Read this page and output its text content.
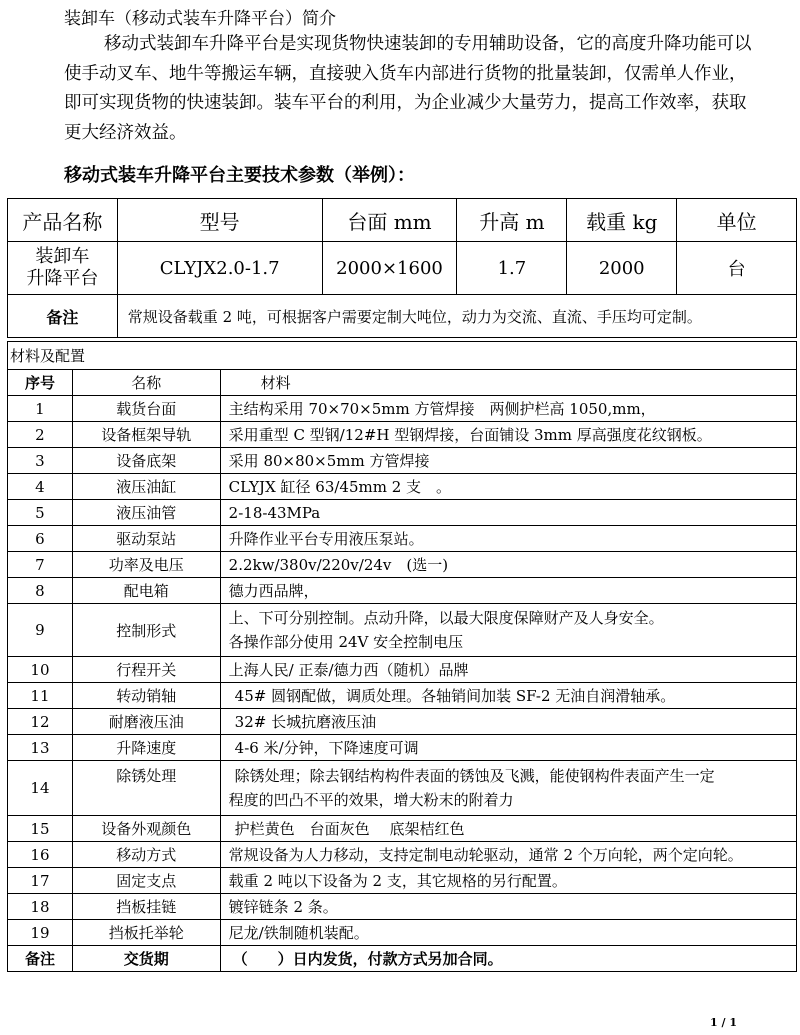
装卸车（移动式装车升降平台）简介
移动式装卸车升降平台是实现货物快速装卸的专用辅助设备，它的高度升降功能可以使手动叉车、地牛等搬运车辆，直接驶入货车内部进行货物的批量装卸，仅需单人作业，即可实现货物的快速装卸。装车平台的利用，为企业减少大量劳力，提高工作效率，获取更大经济效益。
移动式装车升降平台主要技术参数（举例）：
产品名称	型号	台面 mm	升高 m	载重 kg	单位

装卸车
升降平台	CLYJX2.0-1.7	2000×1600	1.7	2000	台
备注	常规设备载重 2 吨，可根据客户需要定制大吨位，动力为交流、直流、手压均可定制。				
材料及配置		
序号	名称	材料
1	载货台面	主结构采用 70×70×5mm 方管焊接　两侧护栏高 1050,mm，
2	设备框架导轨	采用重型 C 型钢/12#H 型钢焊接，台面铺设 3mm 厚高强度花纹钢板。
3	设备底架	采用 80×80×5mm 方管焊接
4	液压油缸	CLYJX 缸径 63/45mm 2 支　。
5	液压油管	2-18-43MPa
6	驱动泵站	升降作业平台专用液压泵站。
7	功率及电压	2.2kw/380v/220v/24v　(选一)
8	配电箱	德力西品牌，
9	控制形式	上、下可分别控制。点动升降，以最大限度保障财产及人身安全。
各操作部分使用 24V 安全控制电压

10	行程开关	上海人民/ 正泰/德力西（随机）品牌
11	转动销轴	45# 圆钢配做，调质处理。各轴销间加装 SF-2 无油自润滑轴承。
12	耐磨液压油	32# 长城抗磨液压油
13	升降速度	4-6 米/分钟，下降速度可调
14	除锈处理	除锈处理；除去钢结构构件表面的锈蚀及飞溅，能使钢构件表面产生一定
程度的凹凸不平的效果，增大粉末的附着力

15	设备外观颜色	护栏黄色　台面灰色　 底架桔红色
16	移动方式	常规设备为人力移动，支持定制电动轮驱动，通常 2 个万向轮，两个定向轮。
17	固定支点	载重 2 吨以下设备为 2 支，其它规格的另行配置。
18	挡板挂链	镀锌链条 2 条。
19	挡板托举轮	尼龙/铁制随机装配。
备注	交货期	（　　）日内发货，付款方式另加合同。
1 / 1
